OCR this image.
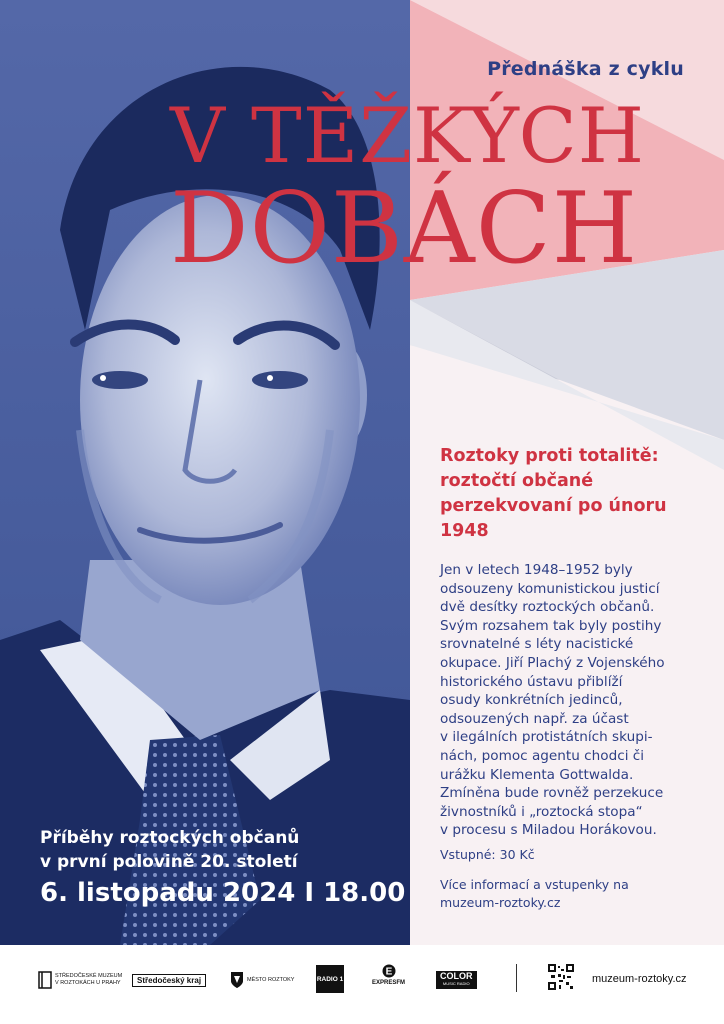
Přednáška z cyklu
V TĚŽKÝCH
DOBÁCH
Roztoky proti totalitě: roztočtí občané perzekvovaní po únoru 1948
Jen v letech 1948–1952 byly
odsouzeny komunistickou justicí
dvě desítky roztockých občanů.
Svým rozsahem tak byly postihy
srovnatelné s léty nacistické
okupace. Jiří Plachý z Vojenského
historického ústavu přiblíží
osudy konkrétních jedinců,
odsouzených např. za účast
v ilegálních protistátních skupi-
nách, pomoc agentu chodci či
urážku Klementa Gottwalda.
Zmíněna bude rovněž perzekuce
živnostníků i „roztocká stopa“
v procesu s Miladou Horákovou.
Vstupné: 30 Kč
Více informací a vstupenky na
muzeum-roztoky.cz
Příběhy roztockých občanů
v první polovině 20. století
6. listopadu 2024 I 18.00
STŘEDOČESKÉ MUZEUM
V ROZTOKÁCH U PRAHY	Středočeský kraj	MĚSTO ROZTOKY	RADIO 1
E
EXPRESFM
COLOR
MUSIC RADIO	muzeum-roztoky.cz
